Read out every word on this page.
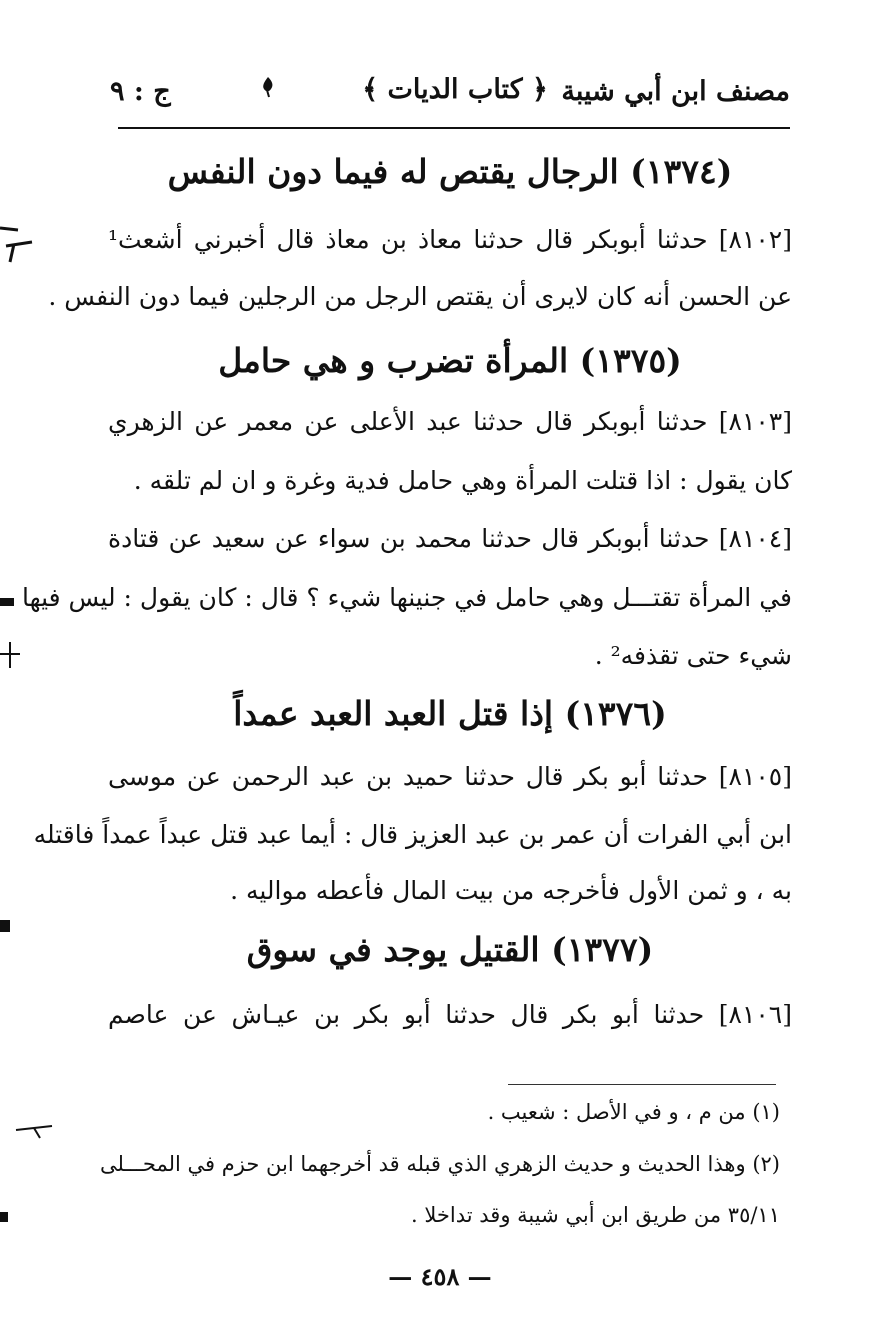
مصنف ابن أبي شيبة
﴿ كتاب الديات ﴾
ج : ٩
(١٣٧٤) الرجال يقتص له فيما دون النفس
[٨١٠٢] حدثنا أبوبكر قال حدثنا معاذ بن معاذ قال أخبرني أشعث¹
عن الحسن أنه كان لايرى أن يقتص الرجل من الرجلين فيما دون النفس .
(١٣٧٥) المرأة تضرب و هي حامل
[٨١٠٣] حدثنا أبوبكر قال حدثنا عبد الأعلى عن معمر عن الزهري
كان يقول : اذا قتلت المرأة وهي حامل فدية وغرة و ان لم تلقه .
[٨١٠٤] حدثنا أبوبكر قال حدثنا محمد بن سواء عن سعيد عن قتادة
في المرأة تقتـــل وهي حامل في جنينها شيء ؟ قال : كان يقول : ليس فيها
شيء حتى تقذفه² .
(١٣٧٦) إذا قتل العبد العبد عمداً
[٨١٠٥] حدثنا أبو بكر قال حدثنا حميد بن عبد الرحمن عن موسى
ابن أبي الفرات أن عمر بن عبد العزيز قال : أيما عبد قتل عبداً عمداً فاقتله
به ، و ثمن الأول فأخرجه من بيت المال فأعطه مواليه .
(١٣٧٧) القتيل يوجد في سوق
[٨١٠٦] حدثنا أبو بكر قال حدثنا أبو بكر بن عيـاش عن عاصم
(١) من م ، و في الأصل : شعيب .
(٢) وهذا الحديث و حديث الزهري الذي قبله قد أخرجهما ابن حزم في المحـــلى
٣٥/١١ من طريق ابن أبي شيبة وقد تداخلا .
— ٤٥٨ —
